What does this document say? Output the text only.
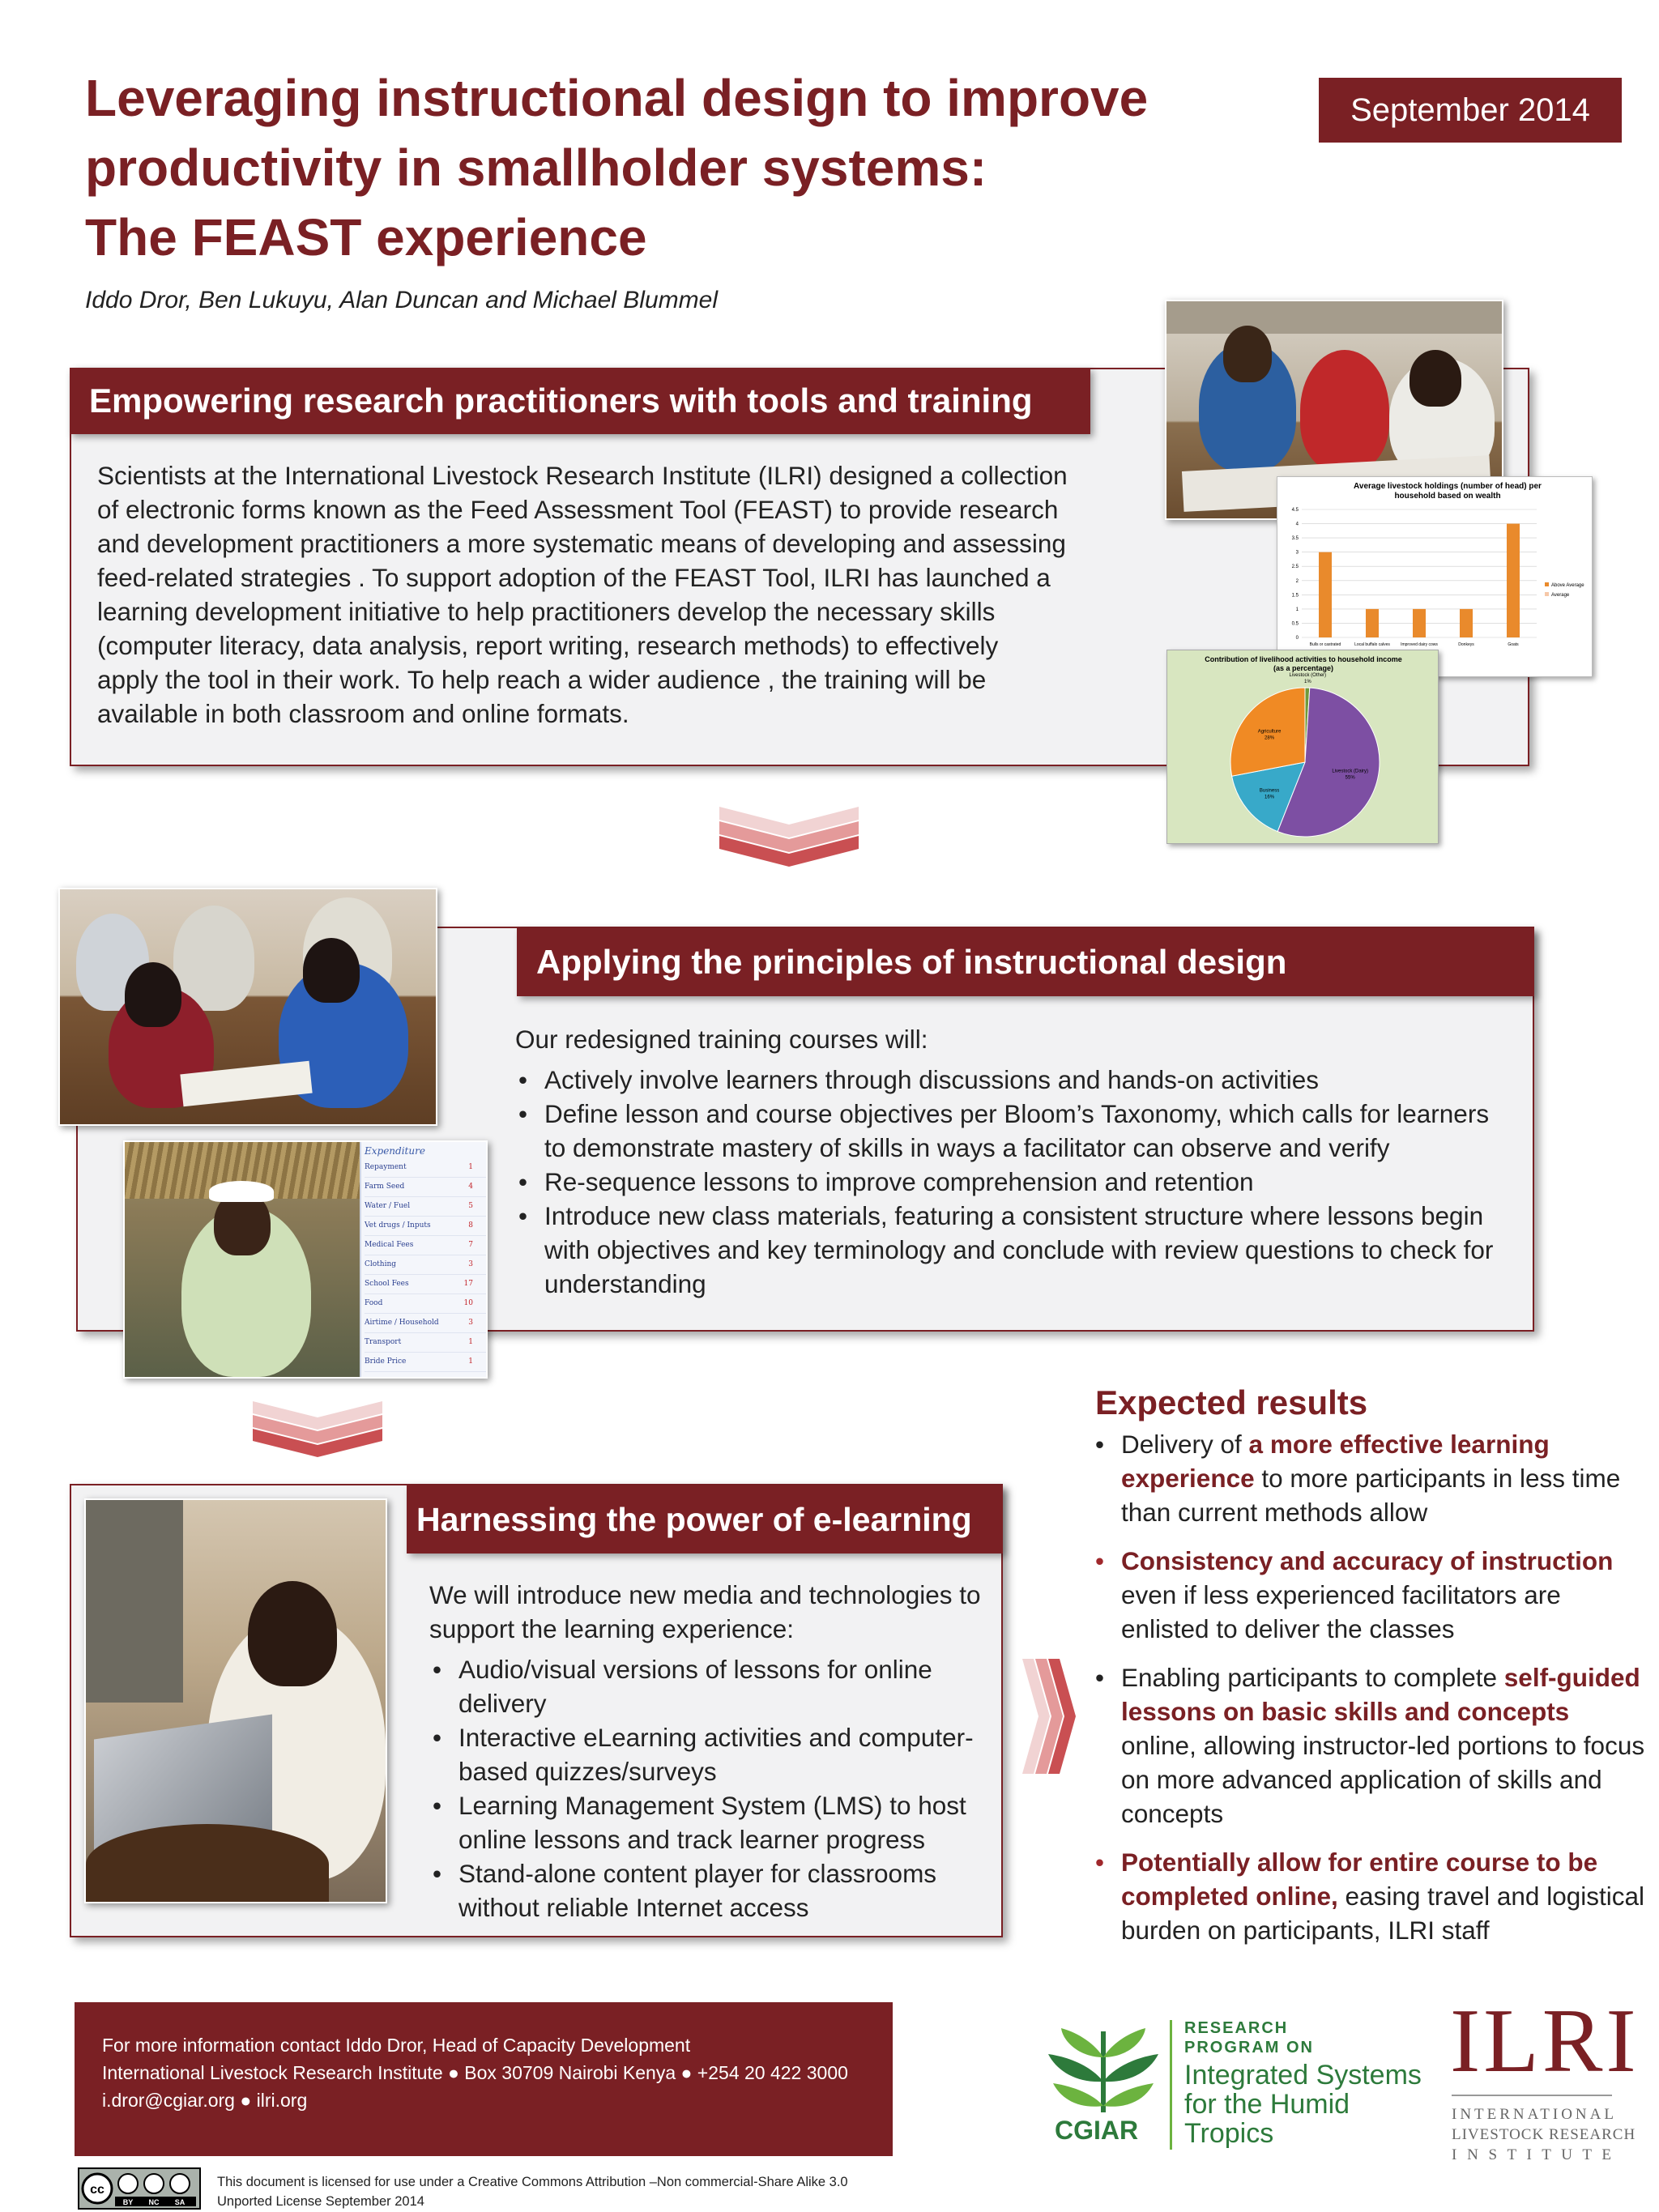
Leveraging instructional design to improve
productivity in smallholder systems:
The FEAST experience
September 2014
Iddo Dror, Ben Lukuyu, Alan Duncan and Michael Blummel
Empowering research practitioners with tools and training
Scientists at the International Livestock Research Institute (ILRI) designed a collection
of electronic forms known as the Feed Assessment Tool (FEAST) to provide research
and development practitioners a more systematic means of developing and assessing
feed-related strategies . To support adoption of the FEAST Tool, ILRI has launched a
learning development initiative to help practitioners develop the necessary skills
(computer literacy, data analysis, report writing, research methods) to effectively
apply the tool in their work. To help reach a wider audience , the training will be
available in both classroom and online formats.
Average livestock holdings (number of head) per
household based on wealth
0
0.5
1
1.5
2
2.5
3
3.5
4
4.5
Bulls or castrated	Local buffalo calves	Improved dairy cows	Donkeys	Goats
Above Average
Average
Contribution of livelihood activities to household income
(as a percentage)
Livestock (Other)
1%
Livestock (Dairy)
55%
Business
16%
Agriculture
28%
Applying the principles of instructional design
Expenditure
Repayment	1
Farm Seed	4
Water / Fuel	5
Vet drugs / Inputs	8
Medical Fees	7
Clothing	3
School Fees	17
Food	10
Airtime / Household	3
Transport	1
Bride Price	1
Our redesigned training courses will:
• Actively involve learners through discussions and hands-on activities
• Define lesson and course objectives per Bloom’s Taxonomy, which calls for learners to demonstrate mastery of skills in ways a facilitator can observe and verify
• Re-sequence lessons to improve comprehension and retention
• Introduce new class materials, featuring a consistent structure where lessons begin with objectives and key terminology and conclude with review questions to check for understanding
Harnessing the power of e-learning
We will introduce new media and technologies to support the learning experience:
• Audio/visual versions of lessons for online delivery
• Interactive eLearning activities and computer-based quizzes/surveys
• Learning Management System (LMS) to host online lessons and track learner progress
• Stand-alone content player for classrooms without reliable Internet access
Expected results
• Delivery of a more effective learning experience to more participants in less time than current methods allow
• Consistency and accuracy of instruction even if less experienced facilitators are enlisted to deliver the classes
• Enabling participants to complete self-guided lessons on basic skills and concepts online, allowing instructor-led portions to focus on more advanced application of skills and concepts
• Potentially allow for entire course to be completed online, easing travel and logistical burden on participants, ILRI staff
For more information contact Iddo Dror, Head of Capacity Development
International Livestock Research Institute ● Box 30709 Nairobi Kenya ● +254 20 422 3000
i.dror@cgiar.org ● ilri.org
cc
BY NC SA
This document is licensed for use under a Creative Commons Attribution –Non commercial-Share Alike 3.0
Unported License September 2014
CGIAR
RESEARCH
PROGRAM ON
Integrated Systems
for the Humid
Tropics
ILRI
INTERNATIONAL
LIVESTOCK RESEARCH
I N S T I T U T E
